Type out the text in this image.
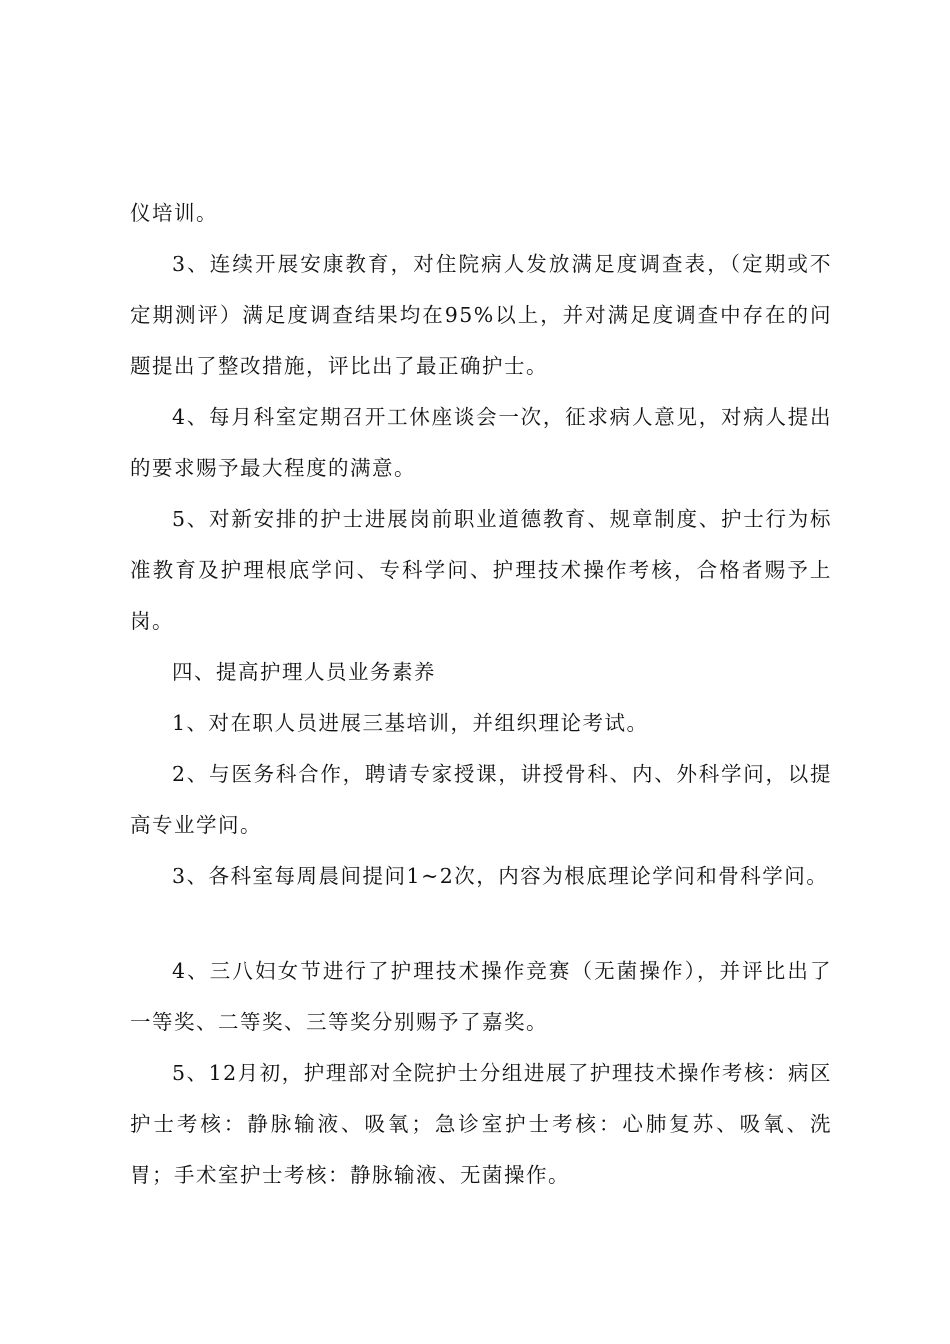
仪培训。

3、连续开展安康教育，对住院病人发放满足度调查表，（定期或不定期测评）满足度调查结果均在95%以上，并对满足度调查中存在的问题提出了整改措施，评比出了最正确护士。

4、每月科室定期召开工休座谈会一次，征求病人意见，对病人提出的要求赐予最大程度的满意。

5、对新安排的护士进展岗前职业道德教育、规章制度、护士行为标准教育及护理根底学问、专科学问、护理技术操作考核，合格者赐予上岗。

四、提高护理人员业务素养

1、对在职人员进展三基培训，并组织理论考试。

2、与医务科合作，聘请专家授课，讲授骨科、内、外科学问，以提高专业学问。

3、各科室每周晨间提问1~2次，内容为根底理论学问和骨科学问。

4、三八妇女节进行了护理技术操作竞赛（无菌操作），并评比出了一等奖、二等奖、三等奖分别赐予了嘉奖。

5、12月初，护理部对全院护士分组进展了护理技术操作考核：病区护士考核：静脉输液、吸氧；急诊室护士考核：心肺复苏、吸氧、洗胃；手术室护士考核：静脉输液、无菌操作。
